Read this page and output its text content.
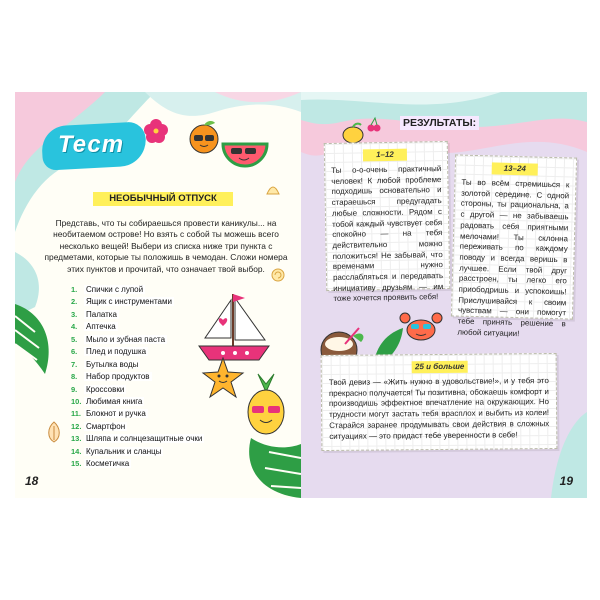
Тест
НЕОБЫЧНЫЙ ОТПУСК
Представь, что ты собираешься провести каникулы... на необитаемом острове! Но взять с собой ты можешь всего несколько вещей! Выбери из списка ниже три пункта с предметами, которые ты положишь в чемодан. Сложи номера этих пунктов и прочитай, что означает твой выбор.
1. Спички с лупой
2. Ящик с инструментами
3. Палатка
4. Аптечка
5. Мыло и зубная паста
6. Плед и подушка
7. Бутылка воды
8. Набор продуктов
9. Кроссовки
10. Любимая книга
11. Блокнот и ручка
12. Смартфон
13. Шляпа и солнцезащитные очки
14. Купальник и сланцы
15. Косметичка
18
РЕЗУЛЬТАТЫ:
1–12
Ты о-о-очень практичный человек! К любой проблеме подходишь основательно и стараешься предугадать любые сложности. Рядом с тобой каждый чувствует себя спокойно — на тебя действительно можно положиться! Не забывай, что временами нужно расслабляться и передавать инициативу друзьям — им тоже хочется проявить себя!
13–24
Ты во всём стремишься к золотой середине. С одной стороны, ты рациональна, а с другой — не забываешь радовать себя приятными мелочами! Ты склонна переживать по каждому поводу и всегда веришь в лучшее. Если твой друг расстроен, ты легко его приободришь и успокоишь! Прислушивайся к своим чувствам — они помогут тебе принять решение в любой ситуации!
25 и больше
Твой девиз — «Жить нужно в удовольствие!», и у тебя это прекрасно получается! Ты позитивна, обожаешь комфорт и производишь эффектное впечатление на окружающих. Но трудности могут застать тебя врасплох и выбить из колеи! Старайся заранее продумывать свои действия в сложных ситуациях — это придаст тебе уверенности в себе!
19
